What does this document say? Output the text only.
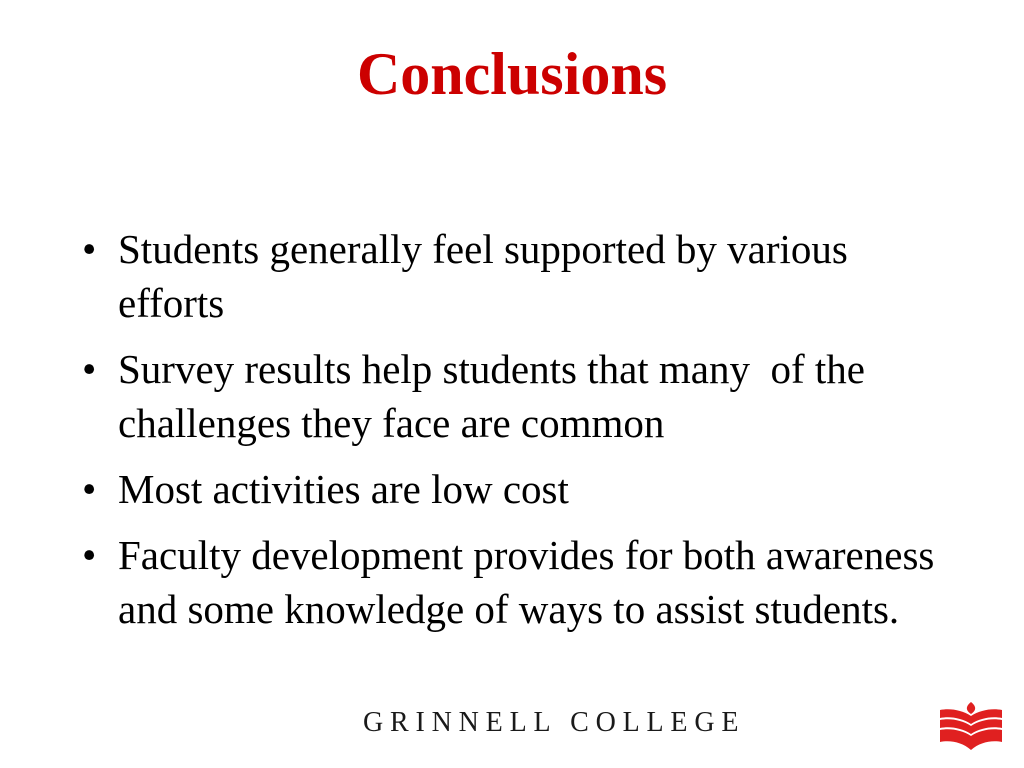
Conclusions
• Students generally feel supported by various efforts
• Survey results help students that many  of the challenges they face are common
• Most activities are low cost
• Faculty development provides for both awareness and some knowledge of ways to assist students.
GRINNELL COLLEGE
